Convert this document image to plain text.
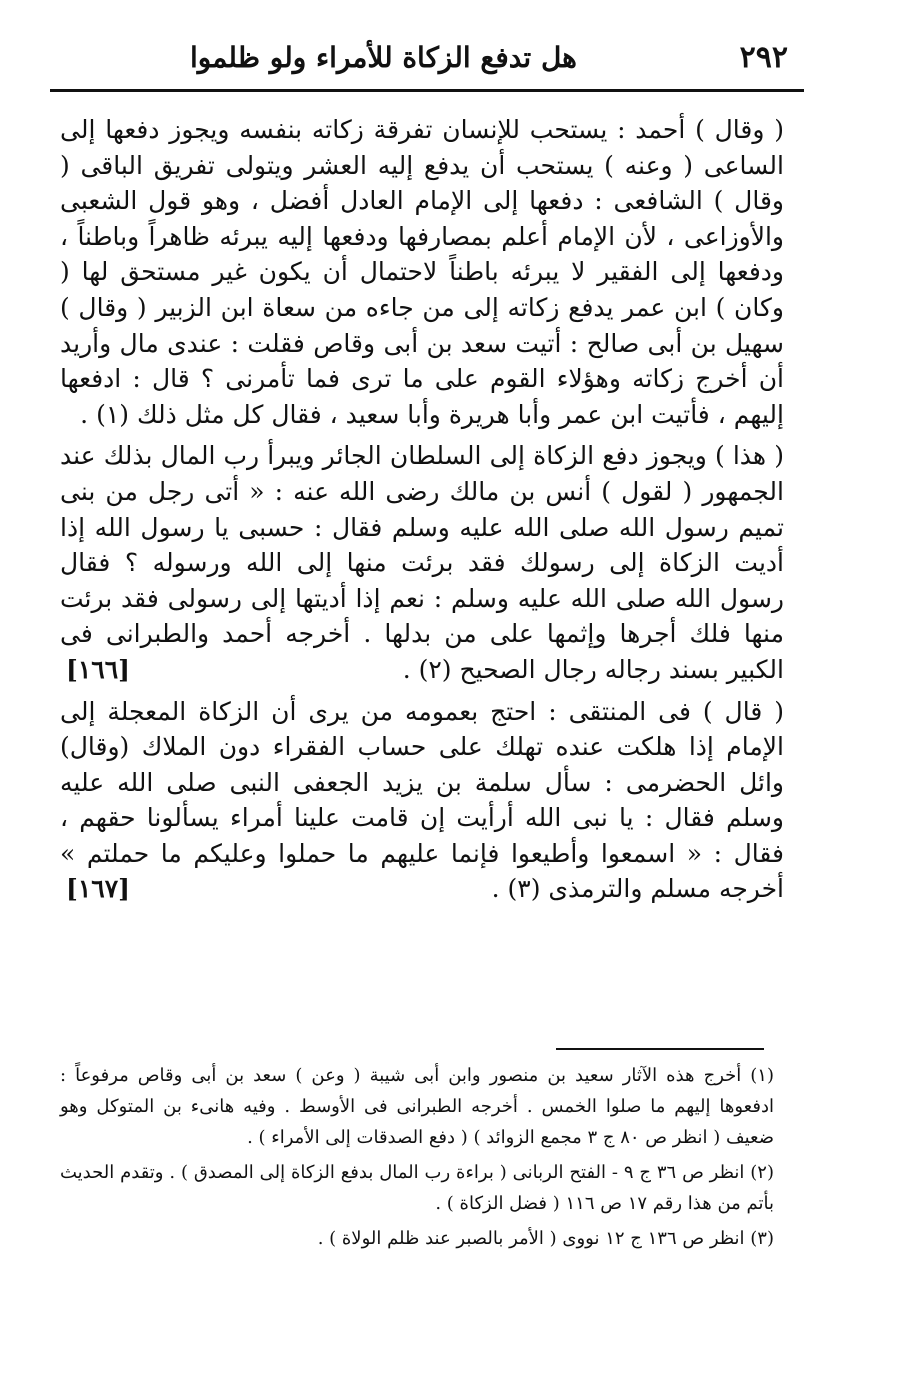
٢٩٢
هل تدفع الزكاة للأمراء ولو ظلموا

( وقال ) أحمد : يستحب للإنسان تفرقة زكاته بنفسه ويجوز دفعها إلى الساعى ( وعنه ) يستحب أن يدفع إليه العشر ويتولى تفريق الباقى ( وقال ) الشافعى : دفعها إلى الإمام العادل أفضل ، وهو قول الشعبى والأوزاعى ، لأن الإمام أعلم بمصارفها ودفعها إليه يبرئه ظاهراً وباطناً ، ودفعها إلى الفقير لا يبرئه باطناً لاحتمال أن يكون غير مستحق لها ( وكان ) ابن عمر يدفع زكاته إلى من جاءه من سعاة ابن الزبير ( وقال ) سهيل بن أبى صالح : أتيت سعد بن أبى وقاص فقلت : عندى مال وأريد أن أخرج زكاته وهؤلاء القوم على ما ترى فما تأمرنى ؟ قال : ادفعها إليهم ، فأتيت ابن عمر وأبا هريرة وأبا سعيد ، فقال كل مثل ذلك (١) .

( هذا ) ويجوز دفع الزكاة إلى السلطان الجائر ويبرأ رب المال بذلك عند الجمهور ( لقول ) أنس بن مالك رضى الله عنه : « أتى رجل من بنى تميم رسول الله صلى الله عليه وسلم فقال : حسبى يا رسول الله إذا أديت الزكاة إلى رسولك فقد برئت منها إلى الله ورسوله ؟ فقال رسول الله صلى الله عليه وسلم : نعم إذا أديتها إلى رسولى فقد برئت منها فلك أجرها وإثمها على من بدلها . أخرجه أحمد والطبرانى فى الكبير بسند رجاله رجال الصحيح (٢) .
[١٦٦]

( قال ) فى المنتقى : احتج بعمومه من يرى أن الزكاة المعجلة إلى الإمام إذا هلكت عنده تهلك على حساب الفقراء دون الملاك (وقال) وائل الحضرمى : سأل سلمة بن يزيد الجعفى النبى صلى الله عليه وسلم فقال : يا نبى الله أرأيت إن قامت علينا أمراء يسألونا حقهم ، فقال : « اسمعوا وأطيعوا فإنما عليهم ما حملوا وعليكم ما حملتم » أخرجه مسلم والترمذى (٣) .
[١٦٧]

(١) أخرج هذه الآثار سعيد بن منصور وابن أبى شيبة ( وعن ) سعد بن أبى وقاص مرفوعاً : ادفعوها إليهم ما صلوا الخمس . أخرجه الطبرانى فى الأوسط . وفيه هانىء بن المتوكل وهو ضعيف ( انظر ص ٨٠ ج ٣ مجمع الزوائد ) ( دفع الصدقات إلى الأمراء ) .

(٢) انظر ص ٣٦ ج ٩ - الفتح الربانى ( براءة رب المال بدفع الزكاة إلى المصدق ) . وتقدم الحديث بأتم من هذا رقم ١٧ ص ١١٦ ( فضل الزكاة ) .

(٣) انظر ص ١٣٦ ج ١٢ نووى ( الأمر بالصبر عند ظلم الولاة ) .
